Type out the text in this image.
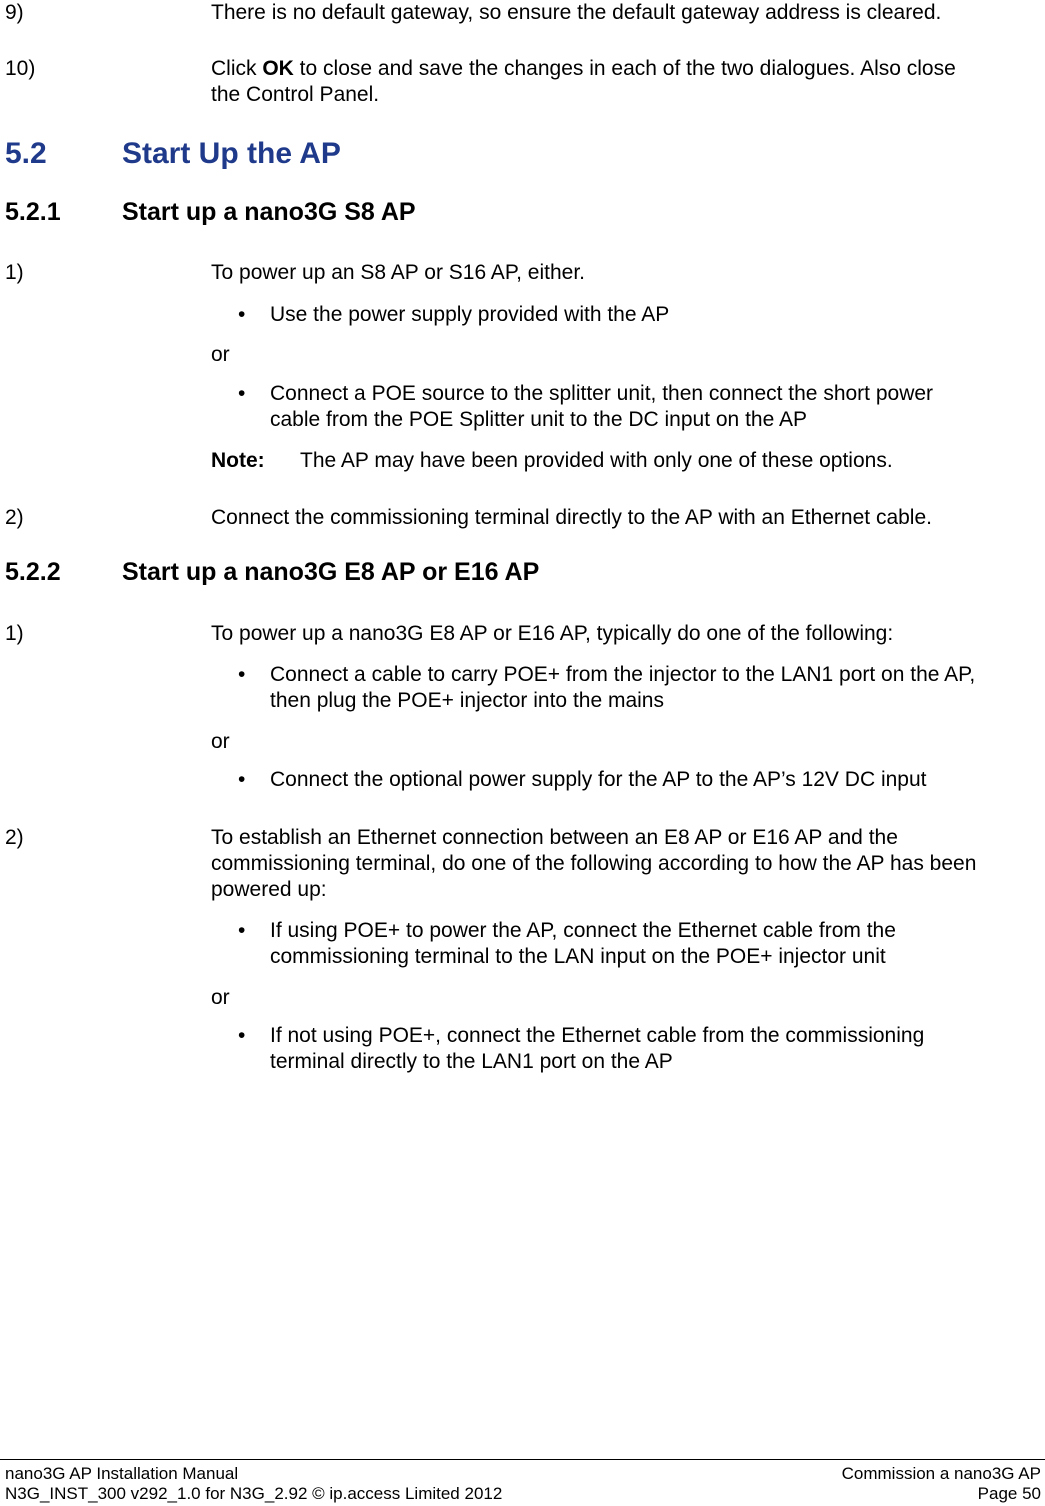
9)	There is no default gateway, so ensure the default gateway address is cleared.
10)	Click OK to close and save the changes in each of the two dialogues. Also close
the Control Panel.
5.2	Start Up the AP
5.2.1 Start up a nano3G S8 AP
1)	To power up an S8 AP or S16 AP, either.
• Use the power supply provided with the AP
or
• Connect a POE source to the splitter unit, then connect the short power
cable from the POE Splitter unit to the DC input on the AP
Note: The AP may have been provided with only one of these options.
2)	Connect the commissioning terminal directly to the AP with an Ethernet cable.
5.2.2 Start up a nano3G E8 AP or E16 AP
1)	To power up a nano3G E8 AP or E16 AP, typically do one of the following:
• Connect a cable to carry POE+ from the injector to the LAN1 port on the AP,
then plug the POE+ injector into the mains
or
• Connect the optional power supply for the AP to the AP’s 12V DC input
2)	To establish an Ethernet connection between an E8 AP or E16 AP and the
commissioning terminal, do one of the following according to how the AP has been
powered up:
• If using POE+ to power the AP, connect the Ethernet cable from the
commissioning terminal to the LAN input on the POE+ injector unit
or
• If not using POE+, connect the Ethernet cable from the commissioning
terminal directly to the LAN1 port on the AP
nano3G AP Installation Manual
N3G_INST_300 v292_1.0 for N3G_2.92 © ip.access Limited 2012
Commission a nano3G AP
Page 50
